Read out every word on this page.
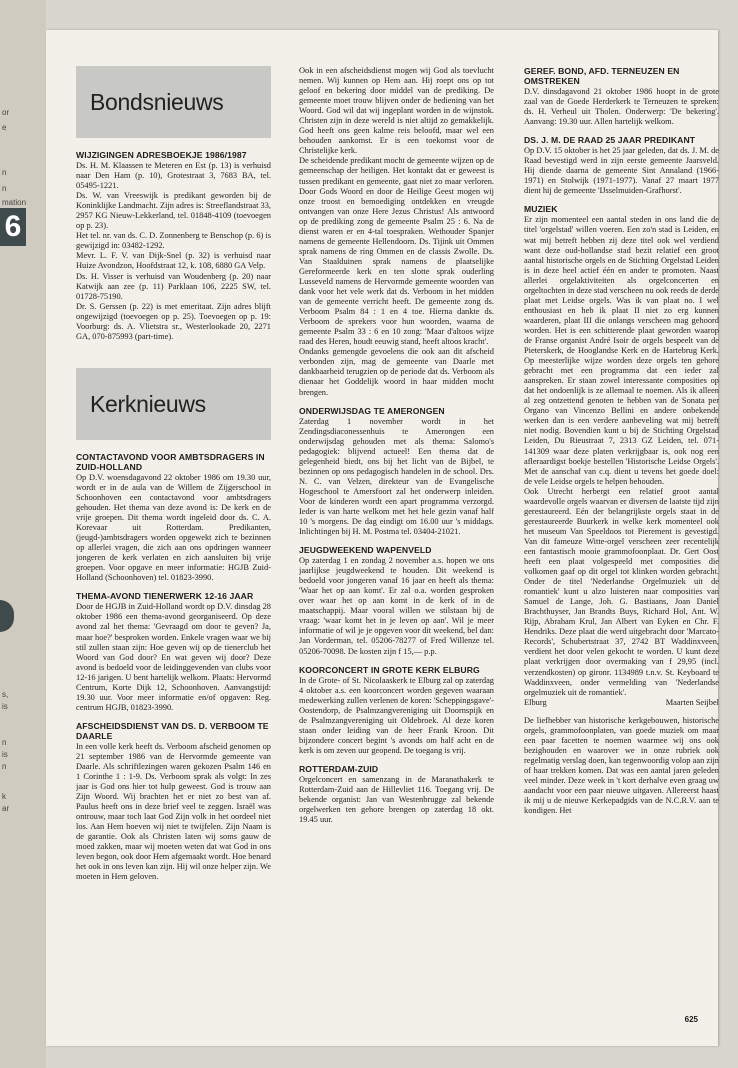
or
e
n
n
mation
s,
is
n
is
n
k
ar
6
Bondsnieuws
WIJZIGINGEN ADRESBOEKJE 1986/1987

Ds. H. M. Klaassen te Meteren en Est (p. 13) is verhuisd naar Den Ham (p. 10), Grotestraat 3, 7683 BA, tel. 05495-1221.

Ds. W. van Vreeswijk is predikant geworden bij de Koninklijke Landmacht. Zijn adres is: Streeflandstraat 33, 2957 KG Nieuw-Lekkerland, tel. 01848-4109 (toevoegen op p. 23).

Het tel. nr. van ds. C. D. Zonnenberg te Benschop (p. 6) is gewijzigd in: 03482-1292.

Mevr. L. F. V. van Dijk-Snel (p. 32) is verhuisd naar Huize Avondzon, Hoofdstraat 12, k. 108, 6880 GA Velp.

Ds. H. Visser is verhuisd van Woudenberg (p. 20) naar Katwijk aan zee (p. 11) Parklaan 106, 2225 SW, tel. 01728-75190.

Dr. S. Gerssen (p. 22) is met emeritaat. Zijn adres blijft ongewijzigd (toevoegen op p. 25). Toevoegen op p. 19: Voorburg: ds. A. Vlietstra sr., Westerlookade 20, 2271 GA, 070-875993 (part-time).

Kerknieuws
CONTACTAVOND VOOR AMBTSDRAGERS IN ZUID-HOLLAND

Op D.V. woensdagavond 22 oktober 1986 om 19.30 uur, wordt er in de aula van de Willem de Zijgerschool in Schoonhoven een contactavond voor ambtsdragers gehouden. Het thema van deze avond is: De kerk en de vrije groepen. Dit thema wordt ingeleid door ds. C. A. Korevaar uit Rotterdam. Predikanten, (jeugd-)ambtsdragers worden opgewekt zich te bezinnen op allerlei vragen, die zich aan ons opdringen wanneer jongeren de kerk verlaten en zich aansluiten bij vrije groepen. Voor opgave en meer informatie: HGJB Zuid-Holland (Schoonhoven) tel. 01823-3990.

THEMA-AVOND TIENERWERK 12-16 JAAR

Door de HGJB in Zuid-Holland wordt op D.V. dinsdag 28 oktober 1986 een thema-avond georganiseerd. Op deze avond zal het thema: 'Gevraagd om door te geven? Ja, maar hoe?' besproken worden. Enkele vragen waar we bij stil zullen staan zijn: Hoe geven wij op de tienerclub het Woord van God door? En wat geven wij door? Deze avond is bedoeld voor de leidinggevenden van clubs voor 12-16 jarigen. U bent hartelijk welkom. Plaats: Hervormd Centrum, Korte Dijk 12, Schoonhoven. Aanvangstijd: 19.30 uur. Voor meer informatie en/of opgaven: Reg. centrum HGJB, 01823-3990.

AFSCHEIDSDIENST VAN DS. D. VERBOOM TE DAARLE

In een volle kerk heeft ds. Verboom afscheid genomen op 21 september 1986 van de Hervormde gemeente van Daarle. Als schriftlezingen waren gekozen Psalm 146 en 1 Corinthe 1 : 1-9. Ds. Verboom sprak als volgt: In zes jaar is God ons hier tot hulp geweest. God is trouw aan Zijn Woord. Wij brachten het er niet zo best van af. Paulus heeft ons in deze brief veel te zeggen. Israël was ontrouw, maar toch laat God Zijn volk in het oordeel niet los. Aan Hem hoeven wij niet te twijfelen. Zijn Naam is de garantie. Ook als Christen laten wij soms gauw de moed zakken, maar wij moeten weten dat wat God in ons leven begon, ook door Hem afgemaakt wordt. Hoe benard het ook in ons leven kan zijn. Hij wil onze helper zijn. We moeten in Hem geloven.

Ook in een afscheidsdienst mogen wij God als toevlucht nemen. Wij kunnen op Hem aan. Hij roept ons op tot geloof en bekering door middel van de prediking. De gemeente moet trouw blijven onder de bediening van het Woord. God wil dat wij ingeplant worden in de wijnstok. Christen zijn in deze wereld is niet altijd zo gemakkelijk. God heeft ons geen kalme reis beloofd, maar wel een behouden aankomst. Er is een toekomst voor de Christelijke kerk.

De scheidende predikant mocht de gemeente wijzen op de gemeenschap der heiligen. Het kontakt dat er geweest is tussen predikant en gemeente, gaat niet zo maar verloren. Door Gods Woord en door de Heilige Geest mogen wij onze troost en bemoediging ontdekken en vreugde ontvangen van onze Here Jezus Christus! Als antwoord op de prediking zong de gemeente Psalm 25 : 6. Na de dienst waren er en 4-tal toespraken. Wethouder Spanjer namens de gemeente Hellendoorn. Ds. Tijink uit Ommen sprak namens de ring Ommen en de classis Zwolle. Ds. Van Staalduinen sprak namens de plaatselijke Gereformeerde kerk en ten slotte sprak ouderling Lusseveld namens de Hervormde gemeente woorden van dank voor het vele werk dat ds. Verboom in het midden van de gemeente verricht heeft. De gemeente zong ds. Verboom Psalm 84 : 1 en 4 toe. Hierna dankte ds. Verboom de sprekers voor hun woorden, waarna de gemeente Psalm 33 : 6 en 10 zong: 'Maar d'altoos wijze raad des Heren, houdt eeuwig stand, heeft altoos kracht'.

Ondanks gemengde gevoelens die ook aan dit afscheid verbonden zijn, mag de gemeente van Daarle met dankbaarheid terugzien op de periode dat ds. Verboom als dienaar het Goddelijk woord in haar midden mocht brengen.

ONDERWIJSDAG TE AMERONGEN

Zaterdag 1 november wordt in het Zendingsdiaconessenhuis te Amerongen een onderwijsdag gehouden met als thema: Salomo's pedagogiek: blijvend actueel! Een thema dat de gelegenheid biedt, ons bij het licht van de Bijbel, te bezinnen op ons pedagogisch handelen in de school. Drs. N. C. van Velzen, direkteur van de Evangelische Hogeschool te Amersfoort zal het onderwerp inleiden. Voor de kinderen wordt een apart programma verzorgd. Ieder is van harte welkom met het hele gezin vanaf half 10 's morgens. De dag eindigt om 16.00 uur 's middags. Inlichtingen bij H. M. Postma tel. 03404-21021.

JEUGDWEEKEND WAPENVELD

Op zaterdag 1 en zondag 2 november a.s. hopen we ons jaarlijkse jeugdweekend te houden. Dit weekend is bedoeld voor jongeren vanaf 16 jaar en heeft als thema: 'Waar het op aan komt'. Er zal o.a. worden gesproken over waar het op aan komt in de kerk of in de maatschappij. Maar vooral willen we stilstaan bij de vraag: 'waar komt het in je leven op aan'. Wil je meer informatie of wil je je opgeven voor dit weekend, bel dan: Jan Vorderman, tel. 05206-78277 of Fred Willenze tel. 05206-70098. De kosten zijn f 15,— p.p.

KOORCONCERT IN GROTE KERK ELBURG

In de Grote- of St. Nicolaaskerk te Elburg zal op zaterdag 4 oktober a.s. een koorconcert worden gegeven waaraan medewerking zullen verlenen de koren: 'Scheppingsgave'-Oostendorp, de Psalmzangvereniging uit Doornspijk en de Psalmzangvereniging uit Oldebroek. Al deze koren staan onder leiding van de heer Frank Kroon. Dit bijzondere concert begint 's avonds om half acht en de kerk is om zeven uur geopend. De toegang is vrij.

ROTTERDAM-ZUID

Orgelconcert en samenzang in de Maranathakerk te Rotterdam-Zuid aan de Hillevliet 116. Toegang vrij. De bekende organist: Jan van Westenbrugge zal bekende orgelwerken ten gehore brengen op zaterdag 18 okt. 19.45 uur.

GEREF. BOND, AFD. TERNEUZEN EN OMSTREKEN

D.V. dinsdagavond 21 oktober 1986 hoopt in de grote zaal van de Goede Herderkerk te Terneuzen te spreken: ds. H. Verheul uit Tholen. Onderwerp: 'De bekering'. Aanvang: 19.30 uur. Allen hartelijk welkom.

DS. J. M. DE RAAD 25 JAAR PREDIKANT

Op D.V. 15 oktober is het 25 jaar geleden, dat ds. J. M. de Raad bevestigd werd in zijn eerste gemeente Jaarsveld. Hij diende daarna de gemeente Sint Annaland (1966-1971) en Stolwijk (1971-1977). Vanaf 27 maart 1977 dient hij de gemeente 'IJsselmuiden-Grafhorst'.

MUZIEK

Er zijn momenteel een aantal steden in ons land die de titel 'orgelstad' willen voeren. Een zo'n stad is Leiden, en wat mij betreft hebben zij deze titel ook wel verdiend want deze oud-hollandse stad bezit relatief een groot aantal historische orgels en de Stichting Orgelstad Leiden is in deze heel actief één en ander te promoten. Naast allerlei orgelaktiviteiten als orgelconcerten en orgeltochten in deze stad verscheen nu ook reeds de derde plaat met Leidse orgels. Was ik van plaat no. I wel enthousiast en heb ik plaat II niet zo erg kunnen waarderen, plaat III die onlangs verscheen mag gehoord worden. Het is een schitterende plaat geworden waarop de Franse organist André Isoir de orgels bespeelt van de Pieterskerk, de Hooglandse Kerk en de Hartebrug Kerk. Op meesterlijke wijze worden deze orgels ten gehore gebracht met een programma dat een ieder zal aanspreken. Er staan zowel interessante composities op dat het ondoenlijk is ze allemaal te noemen. Als ik alleen al zeg ontzettend genoten te hebben van de Sonata per Organo van Vincenzo Bellini en andere onbekende werken dan is een verdere aanbeveling wat mij betreft niet nodig. Bovendien kunt u bij de Stichting Orgelstad Leiden, Du Rieustraat 7, 2313 GZ Leiden, tel. 071-141309 waar deze platen verkrijgbaar is, ook nog een afleraardigst boekje bestellen 'Historische Leidse Orgels'. Met de aanschaf van c.q. dient u tevens het goede doel: de vele Leidse orgels te helpen behouden.

Ook Utrecht herbergt een relatief groot aantal waardevolle orgels waarvan er diversen de laatste tijd zijn gerestaureerd. Eén der belangrijkste orgels staat in de gerestaureerde Buurkerk in welke kerk momenteel ook het museum Van Speeldoos tot Pierement is gevestigd. Van dit fameuze Witte-orgel verscheen zeer recentelijk een fantastisch mooie grammofoonplaat. Dr. Gert Oost heeft een plaat volgespeeld met composities die volkomen gaaf op dit orgel tot klinken worden gebracht. Onder de titel 'Nederlandse Orgelmuziek uit de romantiek' kunt u alzo luisteren naar composities van Samuel de Lange, Joh. G. Bastiaans, Joan Daniel Brachthuyser, Jan Brandts Buys, Richard Hol, Ant. W. Rijp, Abraham Krul, Jan Albert van Eyken en Chr. F. Hendriks. Deze plaat die werd uitgebracht door 'Marcato-Records', Schubertstraat 37, 2742 BT Waddinxveen, verdient het door velen gekocht te worden. U kunt deze plaat verkrijgen door overmaking van f 29,95 (incl. verzendkosten) op gironr. 1134989 t.n.v. St. Keyboard te Waddinxveen, onder vermelding van 'Nederlandse orgelmuziek uit de romantiek'.

Elburg	Maarten Seijbel

De liefhebber van historische kerkgebouwen, historische orgels, grammofoonplaten, van goede muziek om maar een paar facetten te noemen waarmee wij ons ook bezighouden en waarover we in onze rubriek ook regelmatig verslag doen, kan tegenwoordig volop aan zijn of haar trekken komen. Dat was een aantal jaren geleden veel minder. Deze week in 't kort derhalve even graag uw aandacht voor een paar nieuwe uitgaven. Allereerst haast ik mij u de nieuwe Kerkepadgids van de N.C.R.V. aan te kondigen. Het

625
